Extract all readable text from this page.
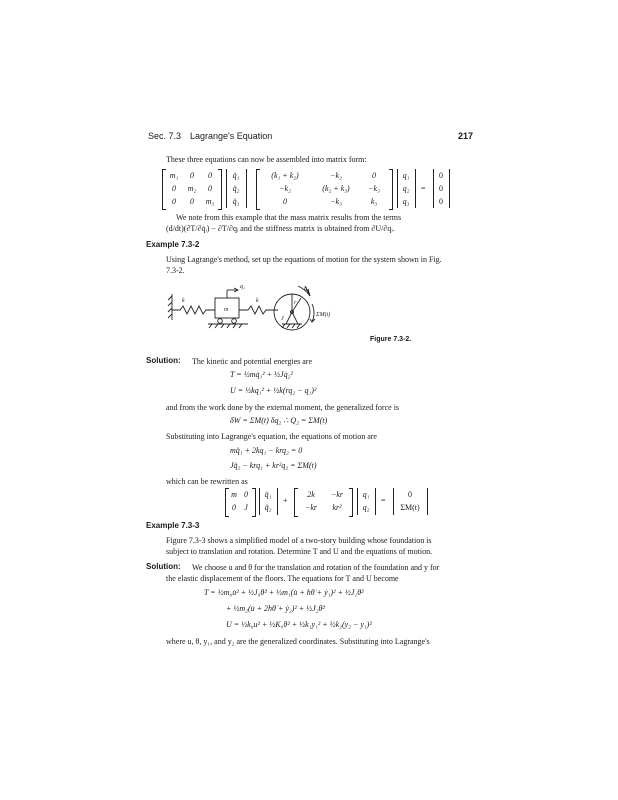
Sec. 7.3 Lagrange's Equation	217
These three equations can now be assembled into matrix form:
m₁	0	0
0	m₂	0
0	0	m₃
q̈₁
q̈₂
q̈₃
(k₁ + k₂)	−k₂	0
−k₂	(k₂ + k₃)	−k₃
0	−k₃	k₃
q₁
q₂
q₃
=
0
0
0
We note from this example that the mass matrix results from the terms
(d/dt)(∂T/∂q̇ᵢ) − ∂T/∂qᵢ and the stiffness matrix is obtained from ∂U/∂qᵢ.
Example 7.3-2
Using Lagrange's method, set up the equations of motion for the system shown in Fig.
7.3-2.
k
m
q₁
k
q₂
J
r
ΣΜ(t)
Figure 7.3-2.
Solution: The kinetic and potential energies are
T = ½mq̇₁² + ½Jq̇₂²
U = ½kq₁² + ½k(rq₂ − q₁)²
and from the work done by the external moment, the generalized force is
δW = ΣΜ(t) δq₂ ∴ Q₂ = ΣΜ(t)
Substituting into Lagrange's equation, the equations of motion are
mq̈₁ + 2kq₁ − krq₂ = 0
Jq̈₂ − krq₁ + kr²q₂ = ΣΜ(t)
which can be rewritten as
m 0
0	J
q̈₁
q̈₂
+
2k	−kr
−kr	kr²
q₁
q₂
=
0
ΣΜ(t)
Example 7.3-3
Figure 7.3-3 shows a simplified model of a two-story building whose foundation is
subject to translation and rotation. Determine T and U and the equations of motion.
Solution: We choose u and θ for the translation and rotation of the foundation and y for
the elastic displacement of the floors. The equations for T and U become
T = ½m₀u̇² + ½J₀θ̇² + ½m₁(u̇ + hθ̇ + ẏ₁)² + ½J₁θ̇²
+ ½m₂(u̇ + 2hθ̇ + ẏ₂)² + ½J₂θ̇²
U = ½k₀u² + ½K₀θ² + ½k₁y₁² + ½k₂(y₂ − y₁)²
where u, θ, y₁, and y₂ are the generalized coordinates. Substituting into Lagrange's
